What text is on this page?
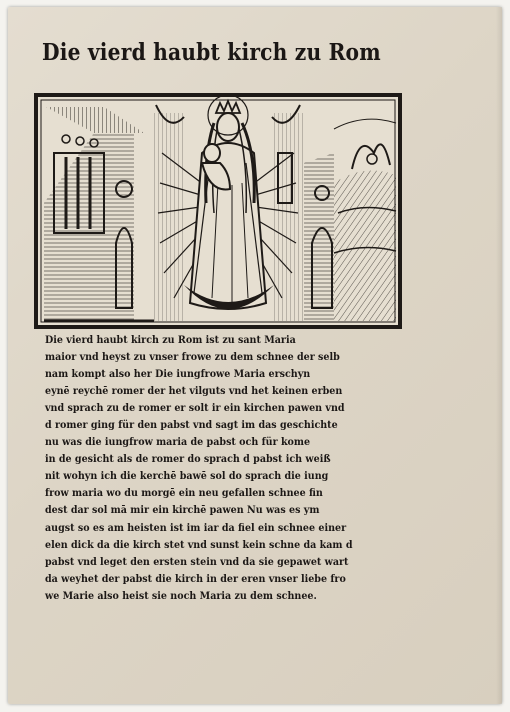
Die vierd haubt kirch zu Rom
Die vierd haubt kirch zu Rom ist zu sant Maria
maior vnd heyst zu vnser frowe zu dem schnee der selb
nam kompt also her Die iungfrowe Maria erschyn
eynē reychē romer der het vilguts vnd het keinen erben
vnd sprach zu de romer er solt ir ein kirchen pawen vnd
d romer ging für den pabst vnd sagt im das geschichte
nu was die iungfrow maria de pabst och für kome
in de gesicht als de romer do sprach d pabst ich weiß
nit wohyn ich die kerchē bawē sol do sprach die iung
frow maria wo du morgē ein neu gefallen schnee fin
dest dar sol mā mir ein kirchē pawen Nu was es ym
augst so es am heisten ist im iar da fiel ein schnee einer
elen dick da die kirch stet vnd sunst kein schne da kam d
pabst vnd leget den ersten stein vnd da sie gepawet wart
da weyhet der pabst die kirch in der eren vnser liebe fro
we Marie also heist sie noch Maria zu dem schnee.
